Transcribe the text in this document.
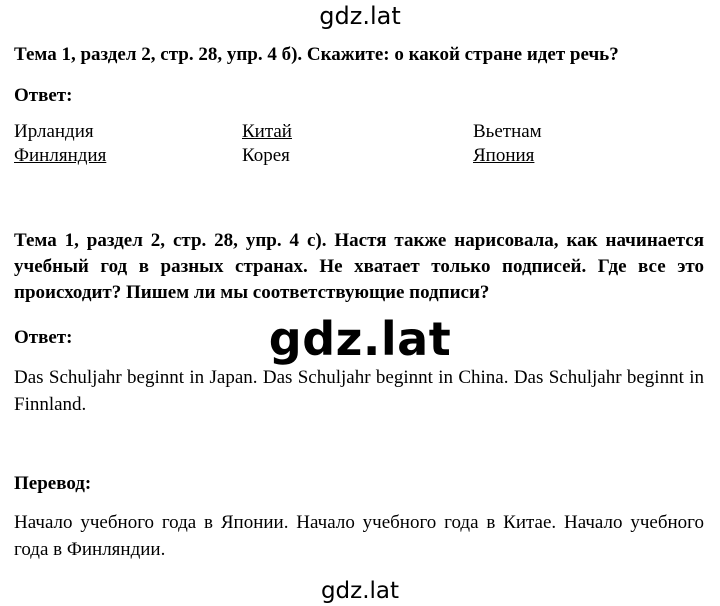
gdz.lat
Тема 1, раздел 2, стр. 28, упр. 4 б). Скажите: о какой стране идет речь?
Ответ:
Ирландия	Китай	Вьетнам
Финляндия	Корея	Япония
Тема 1, раздел 2, стр. 28, упр. 4 с). Настя также нарисовала, как начинается учебный год в разных странах. Не хватает только подписей. Где все это происходит? Пишем ли мы соответствующие подписи?
Ответ:	gdz.lat
Das Schuljahr beginnt in Japan. Das Schuljahr beginnt in China. Das Schuljahr beginnt in Finnland.
Перевод:
Начало учебного года в Японии. Начало учебного года в Китае. Начало учебного года в Финляндии.
gdz.lat
